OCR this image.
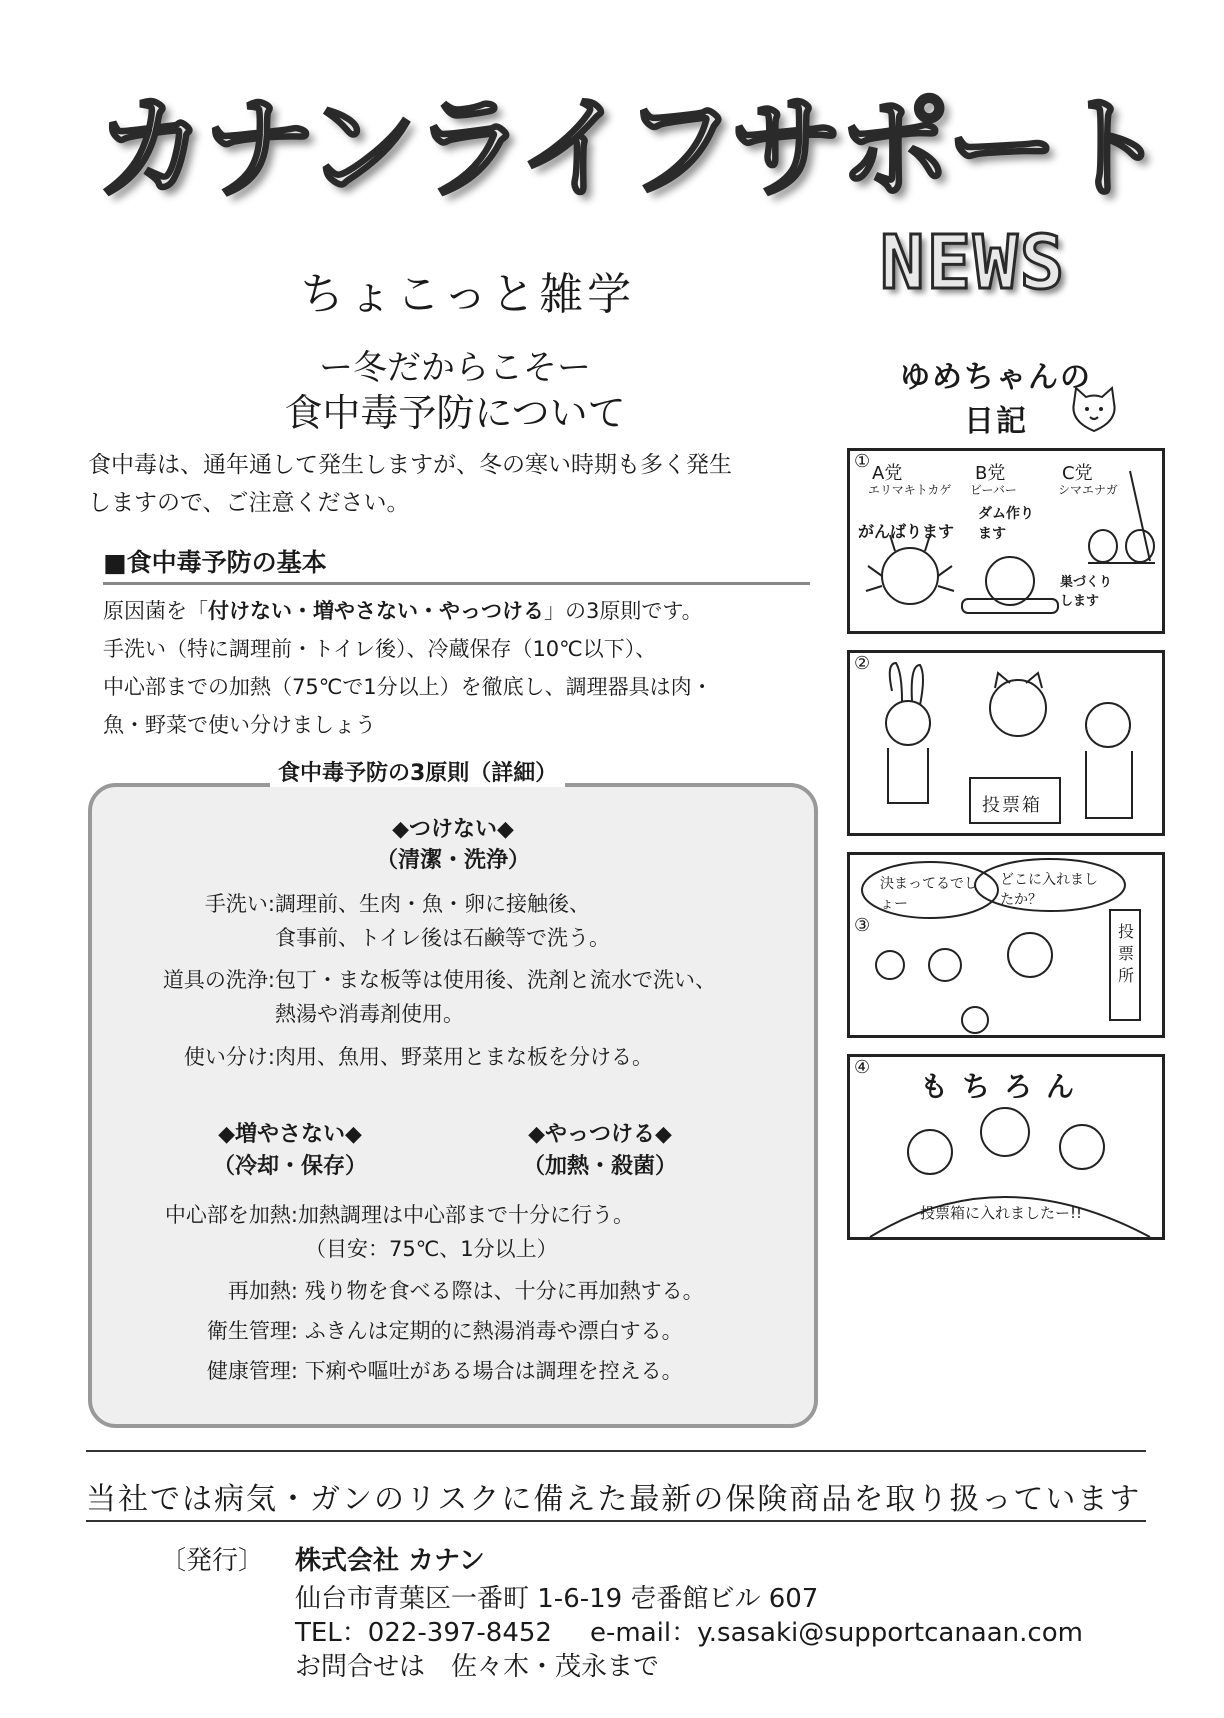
カナンライフサポート
NEWS
ちょこっと雑学
ー冬だからこそー
食中毒予防について
食中毒は、通年通して発生しますが、冬の寒い時期も多く発生
しますので、ご注意ください。
■食中毒予防の基本
原因菌を「付けない・増やさない・やっつける」の3原則です。
手洗い（特に調理前・トイレ後）、冷蔵保存（10℃以下）、
中心部までの加熱（75℃で1分以上）を徹底し、調理器具は肉・
魚・野菜で使い分けましょう
食中毒予防の3原則（詳細）
◆つけない◆
（清潔・洗浄）
手洗い:調理前、生肉・魚・卵に接触後、
食事前、トイレ後は石鹸等で洗う。
道具の洗浄:包丁・まな板等は使用後、洗剤と流水で洗い、
熱湯や消毒剤使用。
使い分け:肉用、魚用、野菜用とまな板を分ける。
◆増やさない◆
（冷却・保存）
◆やっつける◆
（加熱・殺菌）
中心部を加熱:加熱調理は中心部まで十分に行う。
（目安：75℃、1分以上）
再加熱: 残り物を食べる際は、十分に再加熱する。
衛生管理: ふきんは定期的に熱湯消毒や漂白する。
健康管理: 下痢や嘔吐がある場合は調理を控える。
ゆめちゃんの
日記
①
A党
エリマキトカゲ
B党
ビーバー
C党
シマエナガ
がんばります
ダム作ります
巣づくりします
②
投票箱
③
決まってるでしょー
どこに入れましたか？
投票所
④
もちろん
投票箱に入れましたー!!
当社では病気・ガンのリスクに備えた最新の保険商品を取り扱っています
〔発行〕 株式会社 カナン
仙台市青葉区一番町 1-6-19 壱番館ビル 607
TEL：022-397-8452 e-mail：y.sasaki@supportcanaan.com
お問合せは　佐々木・茂永まで
